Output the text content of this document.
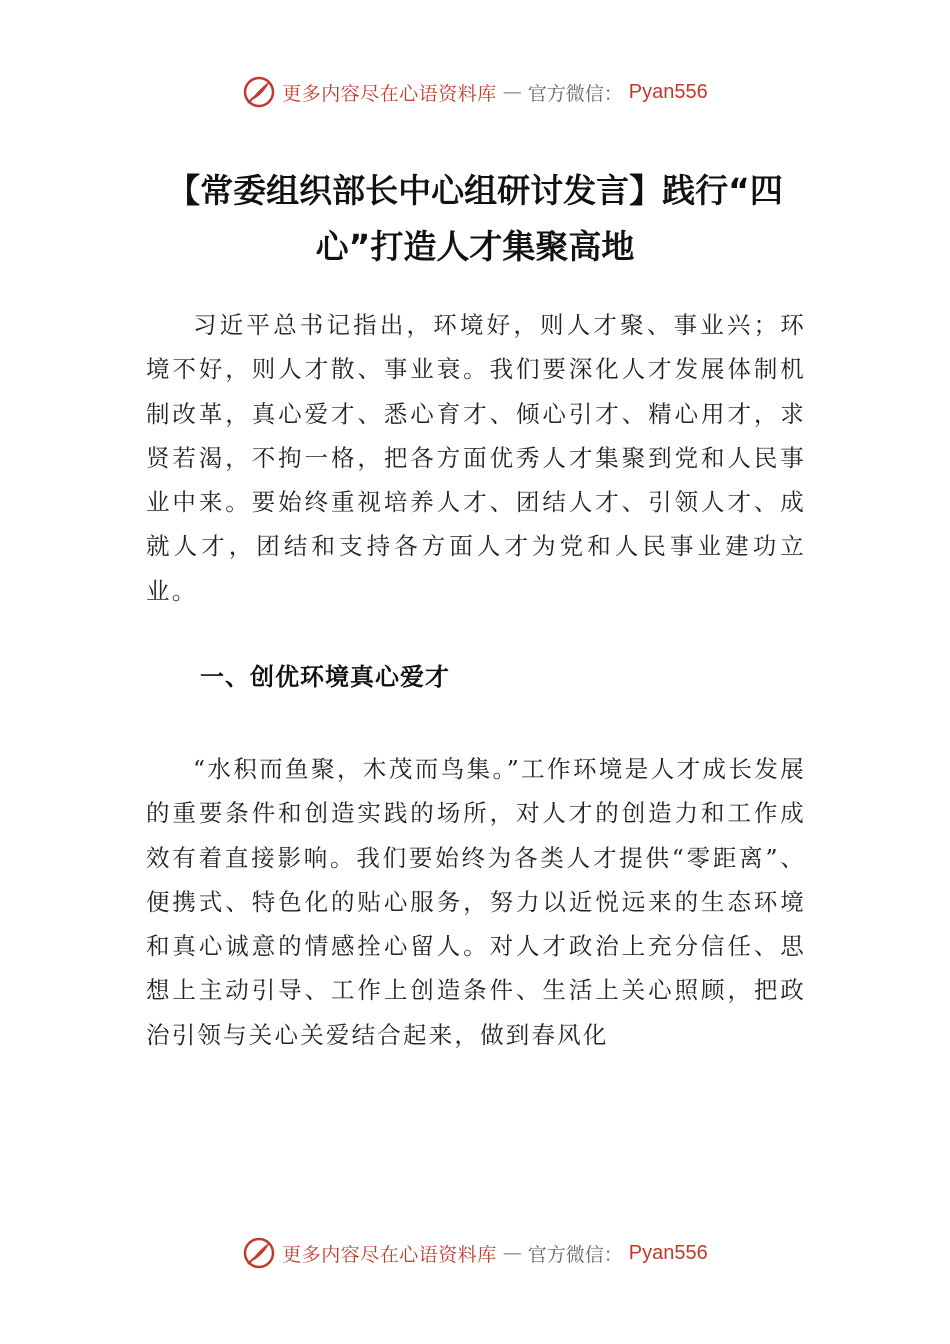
更多内容尽在心语资料库 — 官方微信： Pyan556
【常委组织部长中心组研讨发言】践行“四心”打造人才集聚高地

习近平总书记指出，环境好，则人才聚、事业兴；环境不好，则人才散、事业衰。我们要深化人才发展体制机制改革，真心爱才、悉心育才、倾心引才、精心用才，求贤若渴，不拘一格，把各方面优秀人才集聚到党和人民事业中来。要始终重视培养人才、团结人才、引领人才、成就人才，团结和支持各方面人才为党和人民事业建功立业。

一、创优环境真心爱才

“水积而鱼聚，木茂而鸟集。”工作环境是人才成长发展的重要条件和创造实践的场所，对人才的创造力和工作成效有着直接影响。我们要始终为各类人才提供“零距离”、便携式、特色化的贴心服务，努力以近悦远来的生态环境和真心诚意的情感拴心留人。对人才政治上充分信任、思想上主动引导、工作上创造条件、生活上关心照顾，把政治引领与关心关爱结合起来，做到春风化

更多内容尽在心语资料库 — 官方微信： Pyan556
